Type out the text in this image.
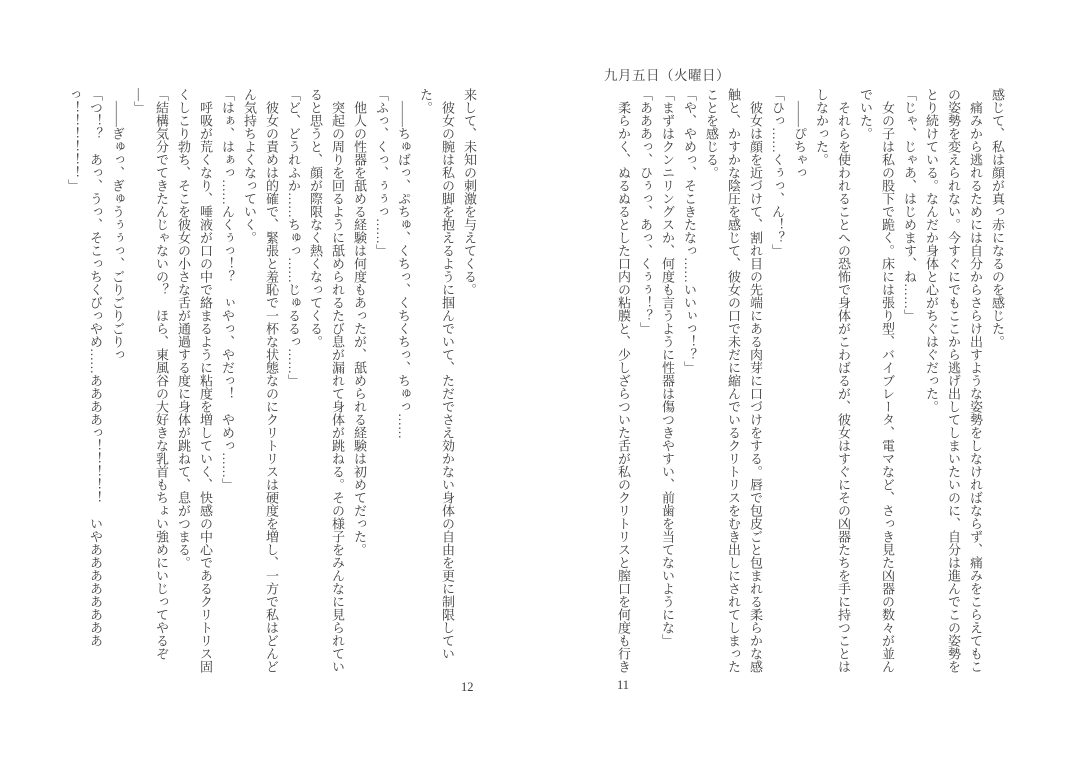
九月五日（火曜日）

感じて、私は顔が真っ赤になるのを感じた。

痛みから逃れるためには自分からさらけ出すような姿勢をしなければならず、痛みをこらえてもこの姿勢を変えられない。今すぐにでもここから逃げ出してしまいたいのに、自分は進んでこの姿勢をとり続けている。なんだか身体と心がちぐはぐだった。

「じゃ、じゃあ、はじめます、ね……」

女の子は私の股下で跪く。床には張り型、バイブレータ、電マなど、さっき見た凶器の数々が並んでいた。

それらを使われることへの恐怖で身体がこわばるが、彼女はすぐにその凶器たちを手に持つことはしなかった。

――ぴちゃっ

「ひっ……くぅっ、ん！？」

彼女は顔を近づけて、割れ目の先端にある肉芽に口づけをする。唇で包皮ごと包まれる柔らかな感触と、かすかな陰圧を感じて、彼女の口で未だに縮んでいるクリトリスをむき出しにされてしまったことを感じる。

「や、やめっ、そこきたなっ……いいぃっ！？」

「まずはクンニリングスか、何度も言うように性器は傷つきやすい、前歯を当てないようにな」

「あああっ、ひぅっ、あっ、くぅぅ！？」

柔らかく、ぬるぬるとした口内の粘膜と、少しざらついた舌が私のクリトリスと膣口を何度も行き

来して、未知の刺激を与えてくる。

彼女の腕は私の脚を抱えるように掴んでいて、ただでさえ効かない身体の自由を更に制限していた。

――ちゅばっ、ぷちゅ、くちっ、くちくちっ、ちゅっ……

「ふっ、くっ、ぅぅっ……」

他人の性器を舐める経験は何度もあったが、舐められる経験は初めてだった。

突起の周りを回るように舐められるたび息が漏れて身体が跳ねる。その様子をみんなに見られていると思うと、顔が際限なく熱くなってくる。

「ど、どうれふか……ちゅっ……じゅるるっ……」

彼女の責めは的確で、緊張と羞恥で一杯な状態なのにクリトリスは硬度を増し、一方で私はどんどん気持ちよくなっていく。

「はぁ、はぁっ……んくぅっ！？　ぃやっ、やだっ！　やめっ……」

呼吸が荒くなり、唾液が口の中で絡まるように粘度を増していく、快感の中心であるクリトリス固くしこり勃ち、そこを彼女の小さな舌が通過する度に身体が跳ねて、息がつまる。

「結構気分でてきたんじゃないの？　ほら、東風谷の大好きな乳首もちょい強めにいじってやるぞ―」

――ぎゅっ、ぎゅうぅぅっ、ごりごりごりっ

「つ！？　あっ、うっ、そこっちくびっやめ……ああああっ！！！！！　いやああああああああっ！！！！！！」

11
12
